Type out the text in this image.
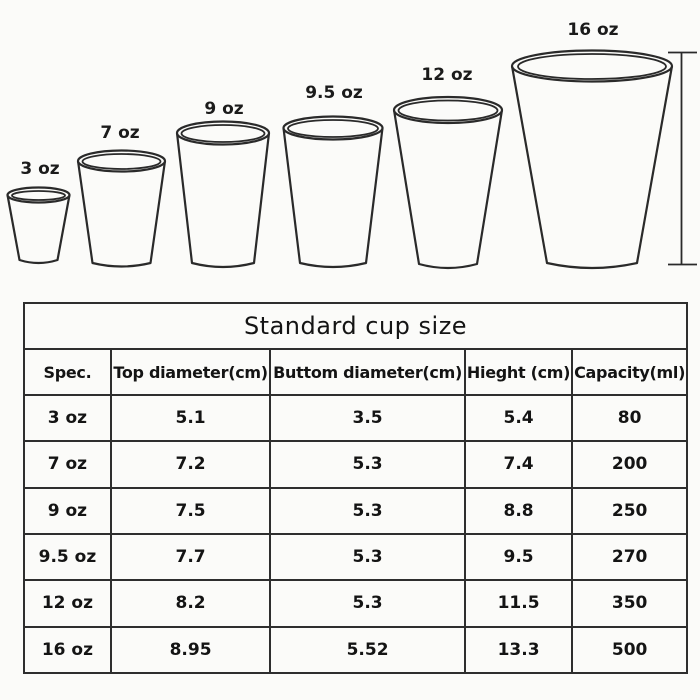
3 oz
7 oz
9 oz
9.5 oz
12 oz
16 oz
Standard cup size				
Spec.	Top diameter(cm)	Buttom diameter(cm)	Hieght (cm)	Capacity(ml)
3 oz	5.1	3.5	5.4	80
7 oz	7.2	5.3	7.4	200
9 oz	7.5	5.3	8.8	250
9.5 oz	7.7	5.3	9.5	270
12 oz	8.2	5.3	11.5	350
16 oz	8.95	5.52	13.3	500
